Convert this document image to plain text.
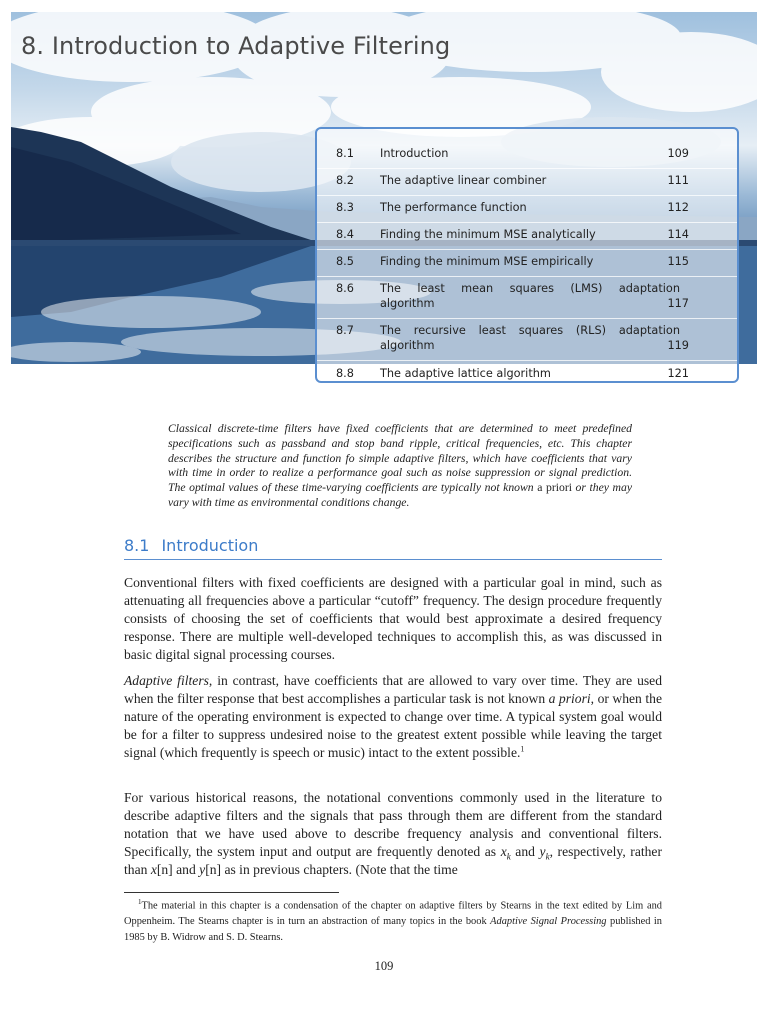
8. Introduction to Adaptive Filtering
8.1 Introduction	109
8.2 The adaptive linear combiner	111
8.3 The performance function	112
8.4 Finding the minimum MSE analytically	114
8.5 Finding the minimum MSE empirically	115
8.6 The least mean squares (LMS) adaptation
algorithm	117
8.7 The recursive least squares (RLS) adaptation
algorithm	119
8.8 The adaptive lattice algorithm	121
Classical discrete-time filters have fixed coefficients that are determined to meet predefined specifications such as passband and stop band ripple, critical frequencies, etc. This chapter describes the structure and function fo simple adaptive filters, which have coefficients that vary with time in order to realize a performance goal such as noise suppression or signal prediction. The optimal values of these time-varying coefficients are typically not known a priori or they may vary with time as environmental conditions change.
8.1 Introduction

Conventional filters with fixed coefficients are designed with a particular goal in mind, such as attenuating all frequencies above a particular “cutoff” frequency. The design procedure frequently consists of choosing the set of coefficients that would best approximate a desired frequency response. There are multiple well-developed techniques to accomplish this, as was discussed in basic digital signal processing courses.

Adaptive filters, in contrast, have coefficients that are allowed to vary over time. They are used when the filter response that best accomplishes a particular task is not known a priori, or when the nature of the operating environment is expected to change over time. A typical system goal would be for a filter to suppress undesired noise to the greatest extent possible while leaving the target signal (which frequently is speech or music) intact to the extent possible.$^1$

For various historical reasons, the notational conventions commonly used in the literature to describe adaptive filters and the signals that pass through them are different from the standard notation that we have used above to describe frequency analysis and conventional filters. Specifically, the system input and output are frequently denoted as $x_k$ and $y_k$, respectively, rather than x[n] and y[n] as in previous chapters. (Note that the time

$^1$The material in this chapter is a condensation of the chapter on adaptive filters by Stearns in the text edited by Lim and Oppenheim. The Stearns chapter is in turn an abstraction of many topics in the book Adaptive Signal Processing published in 1985 by B. Widrow and S. D. Stearns.
109
